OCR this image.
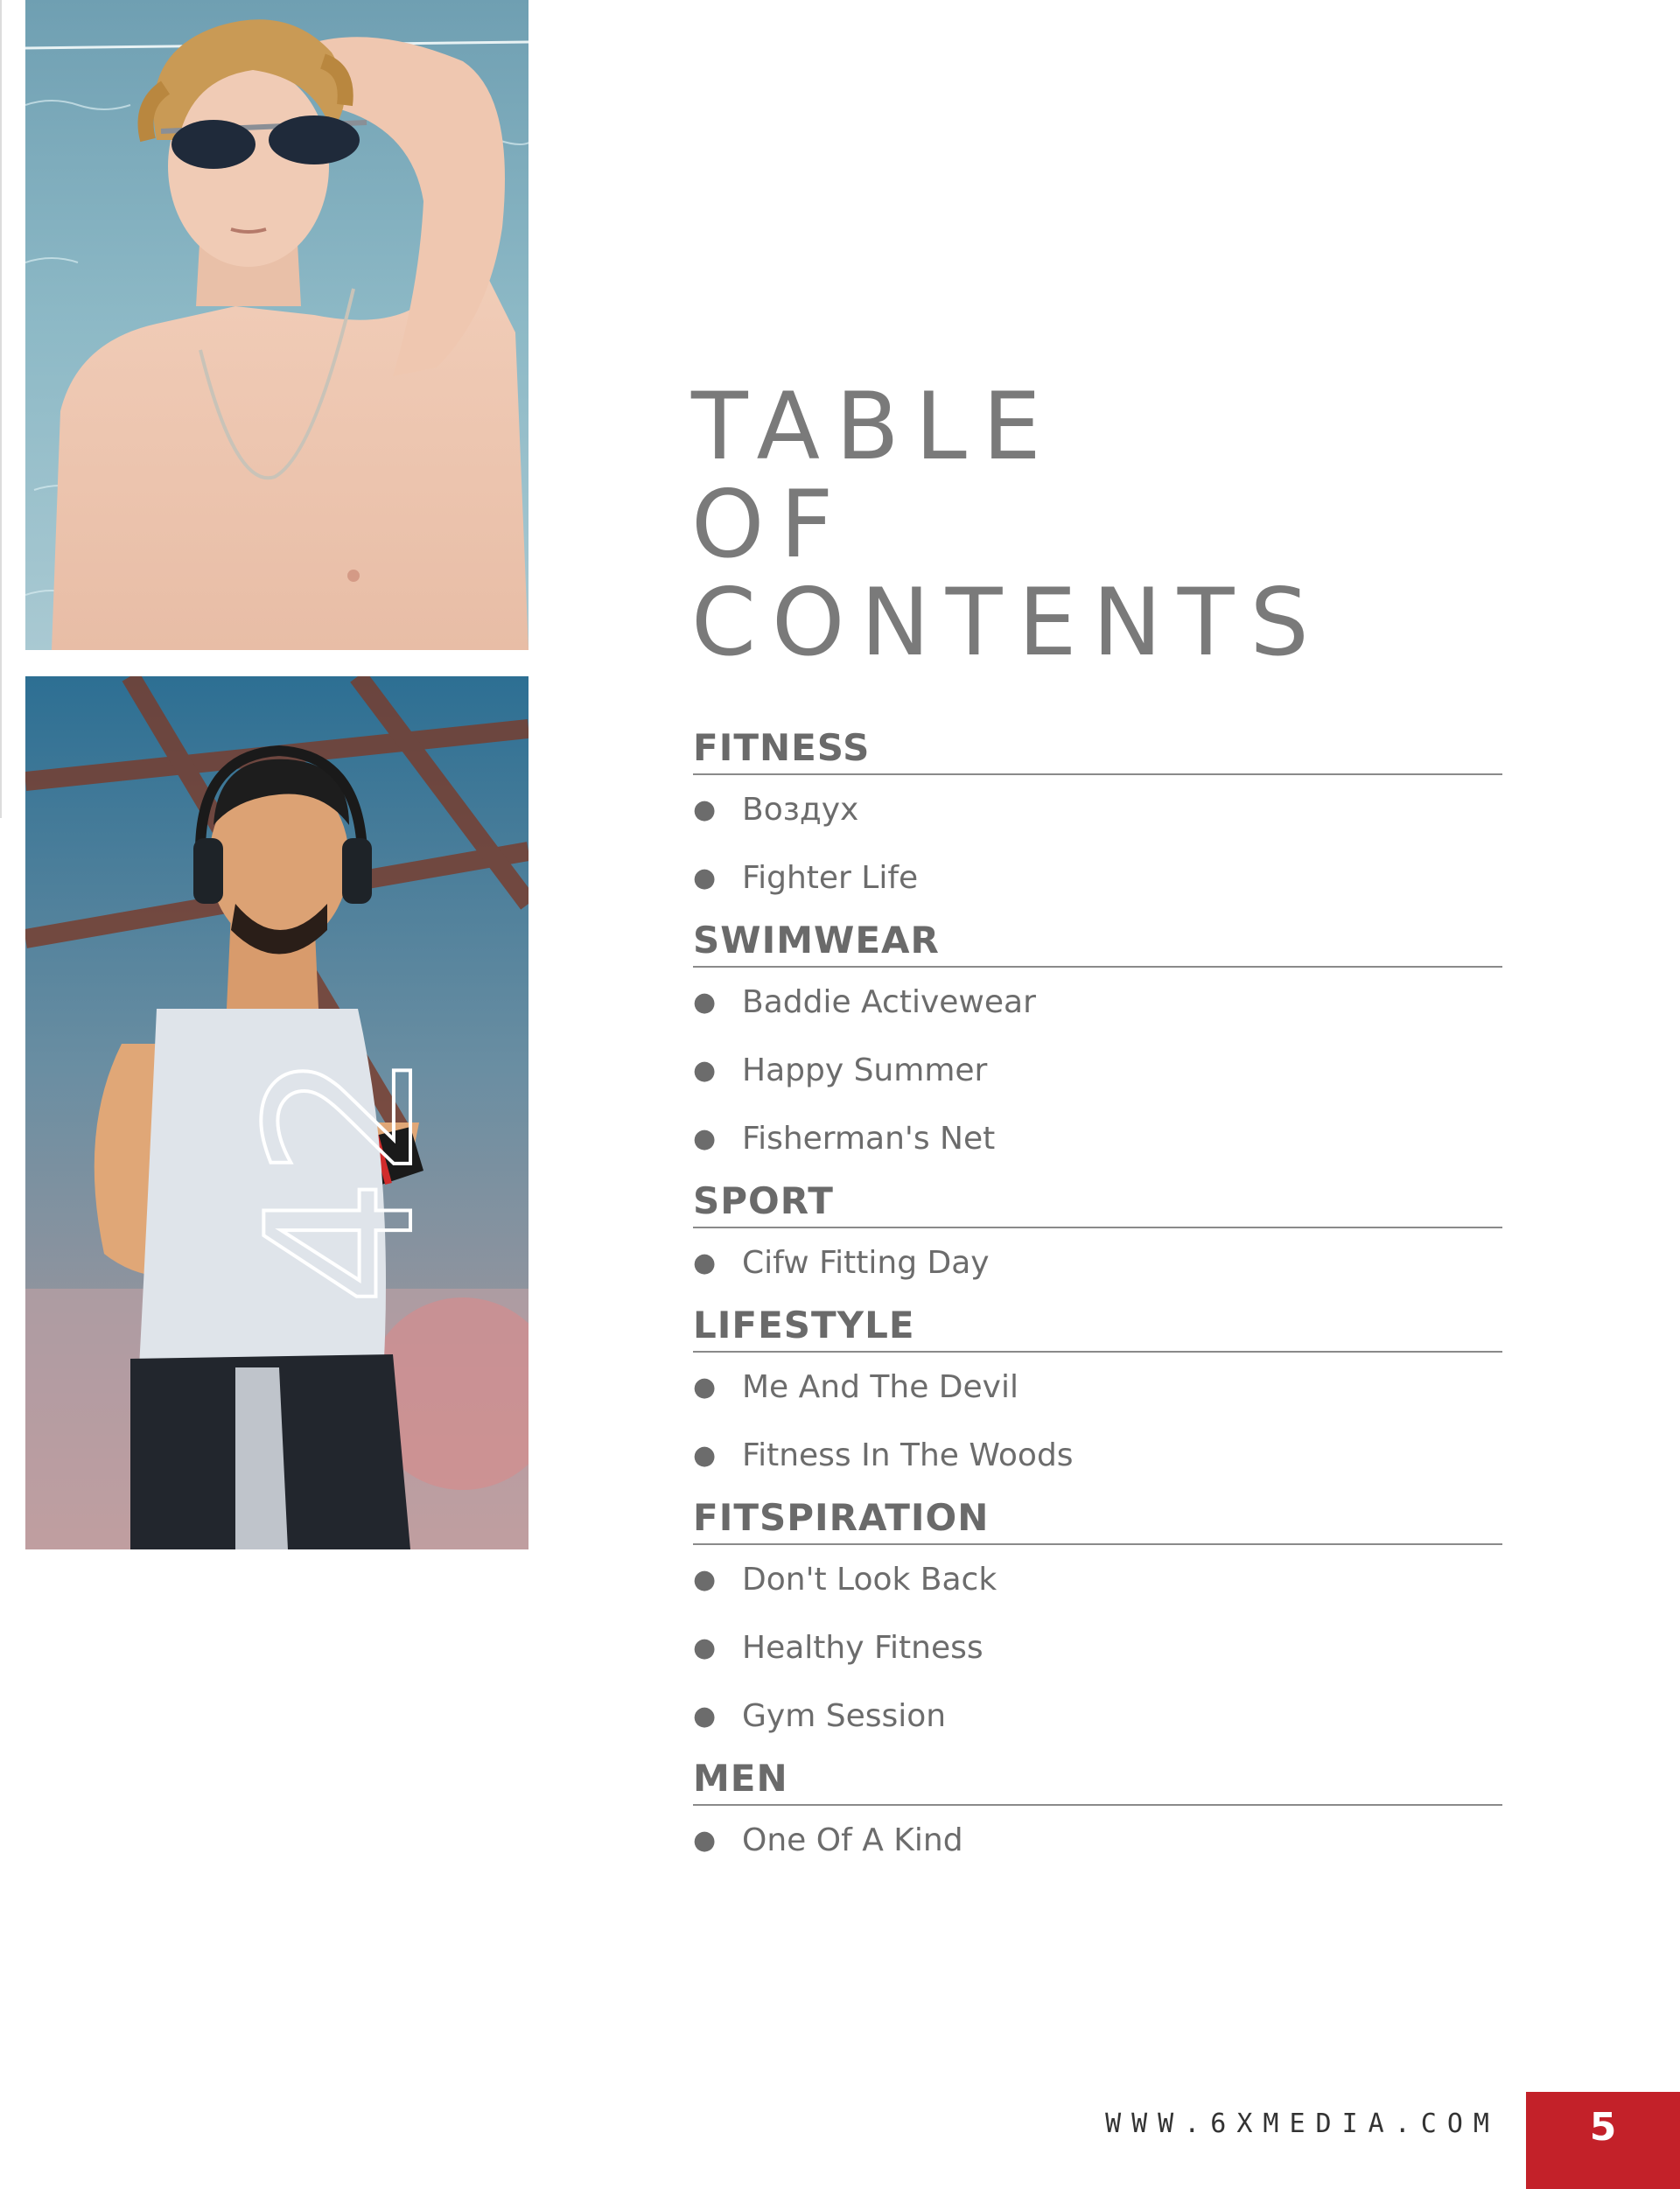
42
TABLE
OF
CONTENTS
FITNESS
● Воздух
● Fighter Life
SWIMWEAR
● Baddie Activewear
● Happy Summer
● Fisherman's Net
SPORT
● Cifw Fitting Day
LIFESTYLE
● Me And The Devil
● Fitness In The Woods
FITSPIRATION
● Don't Look Back
● Healthy Fitness
● Gym Session
MEN
● One Of A Kind
WWW.6XMEDIA.COM	5
